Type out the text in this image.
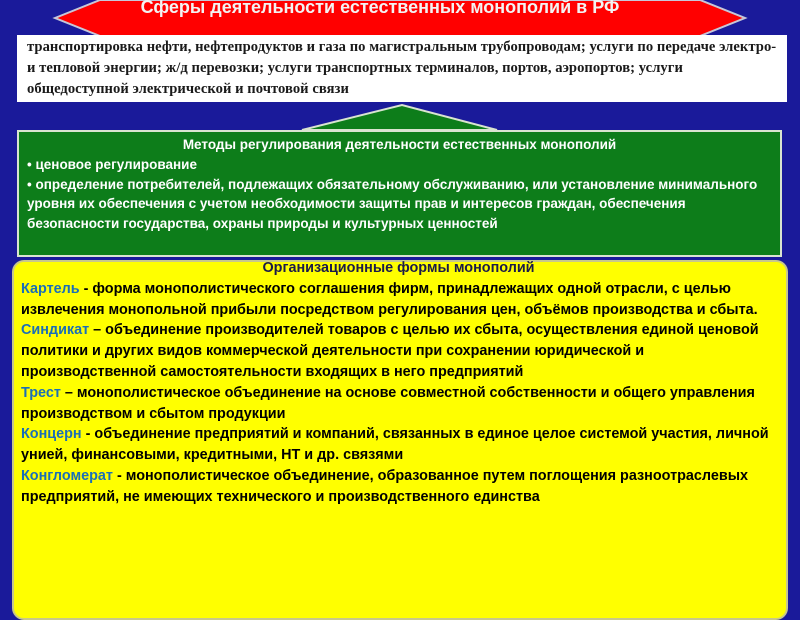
Сферы деятельности естественных монополий в РФ
транспортировка нефти, нефтепродуктов и газа по магистральным трубопроводам; услуги по передаче электро- и тепловой энергии; ж/д перевозки; услуги транспортных терминалов, портов, аэропортов; услуги общедоступной электрической и почтовой связи
Методы регулирования деятельности естественных монополий
• ценовое регулирование
• определение потребителей, подлежащих обязательному обслуживанию, или установление минимального уровня их обеспечения с учетом необходимости защиты прав и интересов граждан, обеспечения безопасности государства, охраны природы и культурных ценностей
Организационные формы монополий

Картель - форма монополистического соглашения фирм, принадлежащих одной отрасли, с целью извлечения монопольной прибыли посредством регулирования цен, объёмов производства и сбыта.

Синдикат – объединение производителей товаров с целью их сбыта, осуществления единой ценовой политики и других видов коммерческой деятельности при сохранении юридической и производственной самостоятельности входящих в него предприятий

Трест – монополистическое объединение на основе совместной собственности и общего управления производством и сбытом продукции

Концерн - объединение предприятий и компаний, связанных в единое целое системой участия, личной унией, финансовыми, кредитными, НТ и др. связями

Конгломерат - монополистическое объединение, образованное путем поглощения разноотраслевых предприятий, не имеющих технического и производственного единства
